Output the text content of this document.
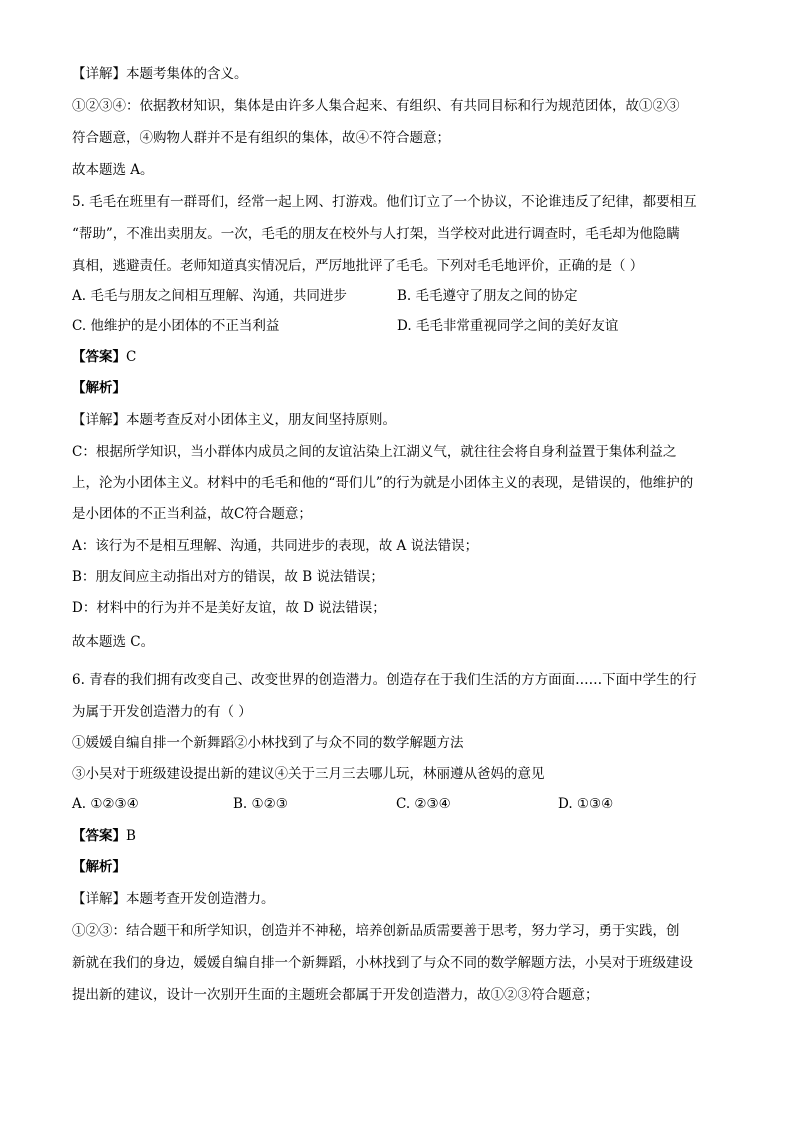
【详解】本题考集体的含义。
①②③④：依据教材知识，集体是由许多人集合起来、有组织、有共同目标和行为规范团体，故①②③
符合题意，④购物人群并不是有组织的集体，故④不符合题意；
故本题选 A。
5. 毛毛在班里有一群哥们，经常一起上网、打游戏。他们订立了一个协议，不论谁违反了纪律，都要相互
“帮助”，不准出卖朋友。一次，毛毛的朋友在校外与人打架，当学校对此进行调查时，毛毛却为他隐瞒
真相，逃避责任。老师知道真实情况后，严厉地批评了毛毛。下列对毛毛地评价，正确的是（ ）
A. 毛毛与朋友之间相互理解、沟通，共同进步	B. 毛毛遵守了朋友之间的协定
C. 他维护的是小团体的不正当利益	D. 毛毛非常重视同学之间的美好友谊
【答案】C
【解析】
【详解】本题考查反对小团体主义，朋友间坚持原则。
C：根据所学知识，当小群体内成员之间的友谊沾染上江湖义气，就往往会将自身利益置于集体利益之
上，沦为小团体主义。材料中的毛毛和他的“哥们儿”的行为就是小团体主义的表现，是错误的，他维护的
是小团体的不正当利益，故C符合题意；
A：该行为不是相互理解、沟通，共同进步的表现，故 A 说法错误；
B：朋友间应主动指出对方的错误，故 B 说法错误；
D：材料中的行为并不是美好友谊，故 D 说法错误；
故本题选 C。
6. 青春的我们拥有改变自己、改变世界的创造潜力。创造存在于我们生活的方方面面……下面中学生的行
为属于开发创造潜力的有（ ）
①媛媛自编自排一个新舞蹈②小林找到了与众不同的数学解题方法
③小吴对于班级建设提出新的建议④关于三月三去哪儿玩，林丽遵从爸妈的意见
A. ①②③④	B. ①②③	C. ②③④	D. ①③④
【答案】B
【解析】
【详解】本题考查开发创造潜力。
①②③：结合题干和所学知识，创造并不神秘，培养创新品质需要善于思考，努力学习，勇于实践，创
新就在我们的身边，媛媛自编自排一个新舞蹈，小林找到了与众不同的数学解题方法，小吴对于班级建设
提出新的建议，设计一次别开生面的主题班会都属于开发创造潜力，故①②③符合题意；
